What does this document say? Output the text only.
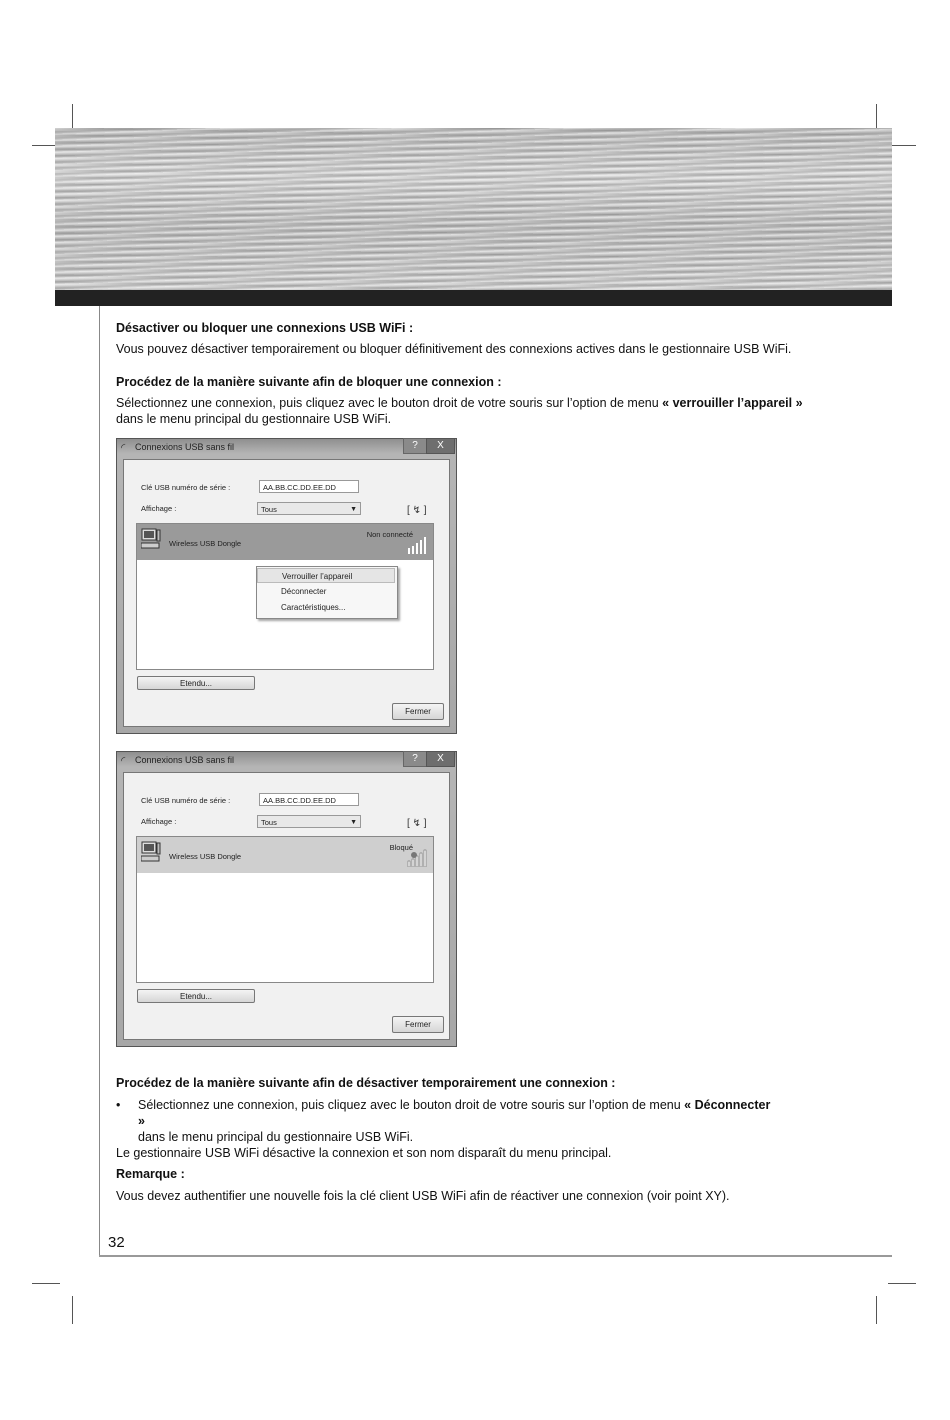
Désactiver ou bloquer une connexions USB WiFi :
Vous pouvez désactiver temporairement ou bloquer définitivement des connexions actives dans le gestionnaire USB WiFi.
Procédez de la manière suivante afin de bloquer une connexion :
Sélectionnez une connexion, puis cliquez avec le bouton droit de votre souris sur l’option de menu « verrouiller l’appareil » dans le menu principal du gestionnaire USB WiFi.
◜ Connexions USB sans fil	?	X
Clé USB numéro de série :	AA.BB.CC.DD.EE.DD
Affichage :	Tous	▼	[ ↯ ]
Wireless USB Dongle
Non connecté
Verrouiller l’appareil
Déconnecter
Caractéristiques...
Etendu...
Fermer
◜ Connexions USB sans fil	?	X
Clé USB numéro de série :	AA.BB.CC.DD.EE.DD
Affichage :	Tous	▼	[ ↯ ]
Wireless USB Dongle
Bloqué
Etendu...
Fermer
Procédez de la manière suivante afin de désactiver temporairement une connexion :
•	Sélectionnez une connexion, puis cliquez avec le bouton droit de votre souris sur l’option de menu « Déconnecter »
dans le menu principal du gestionnaire USB WiFi.
Le gestionnaire USB WiFi désactive la connexion et son nom disparaît du menu principal.
Remarque :
Vous devez authentifier une nouvelle fois la clé client USB WiFi afin de réactiver une connexion (voir point XY).
32
